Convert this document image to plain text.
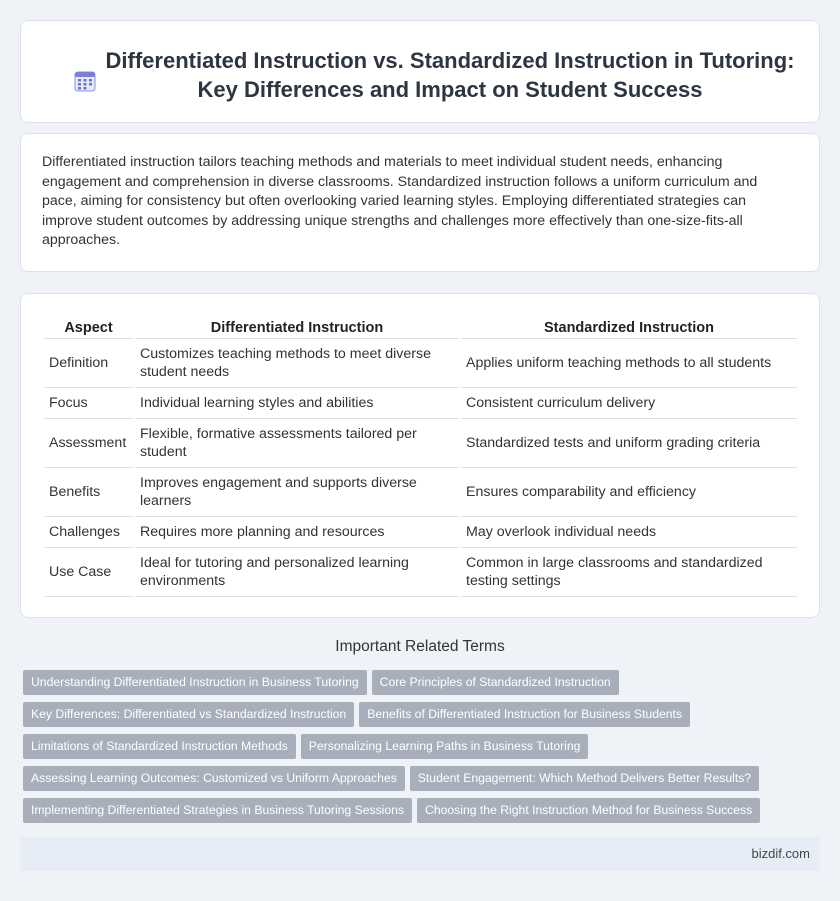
Differentiated Instruction vs. Standardized Instruction in Tutoring: Key Differences and Impact on Student Success

Differentiated instruction tailors teaching methods and materials to meet individual student needs, enhancing engagement and comprehension in diverse classrooms. Standardized instruction follows a uniform curriculum and pace, aiming for consistency but often overlooking varied learning styles. Employing differentiated strategies can improve student outcomes by addressing unique strengths and challenges more effectively than one-size-fits-all approaches.

Aspect	Differentiated Instruction	Standardized Instruction
Definition	Customizes teaching methods to meet diverse student needs	Applies uniform teaching methods to all students
Focus	Individual learning styles and abilities	Consistent curriculum delivery
Assessment	Flexible, formative assessments tailored per student	Standardized tests and uniform grading criteria
Benefits	Improves engagement and supports diverse learners	Ensures comparability and efficiency
Challenges	Requires more planning and resources	May overlook individual needs
Use Case	Ideal for tutoring and personalized learning environments	Common in large classrooms and standardized testing settings
Important Related Terms
Understanding Differentiated Instruction in Business Tutoring Core Principles of Standardized Instruction
Key Differences: Differentiated vs Standardized Instruction Benefits of Differentiated Instruction for Business Students
Limitations of Standardized Instruction Methods Personalizing Learning Paths in Business Tutoring
Assessing Learning Outcomes: Customized vs Uniform Approaches Student Engagement: Which Method Delivers Better Results?
Implementing Differentiated Strategies in Business Tutoring Sessions Choosing the Right Instruction Method for Business Success
bizdif.com
